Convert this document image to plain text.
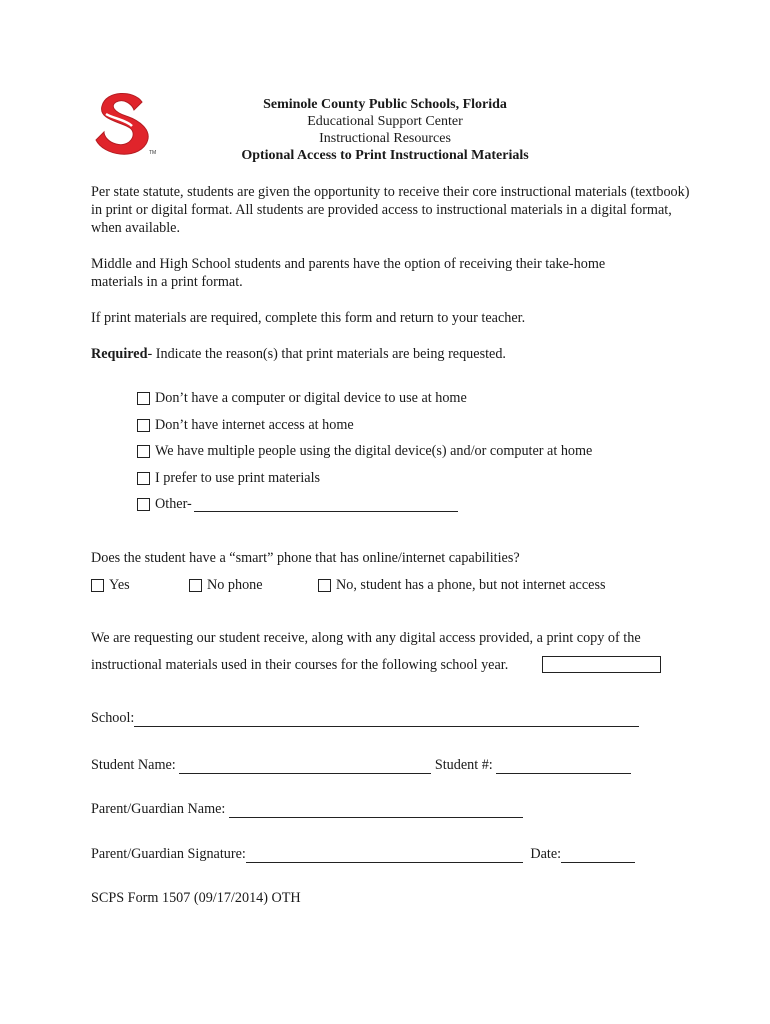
TM
Seminole County Public Schools, Florida
Educational Support Center
Instructional Resources
Optional Access to Print Instructional Materials

Per state statute, students are given the opportunity to receive their core instructional materials (textbook) in print or digital format. All students are provided access to instructional materials in a digital format, when available.

Middle and High School students and parents have the option of receiving their take-home materials in a print format.

If print materials are required, complete this form and return to your teacher.

Required- Indicate the reason(s) that print materials are being requested.

Don’t have a computer or digital device to use at home
Don’t have internet access at home
We have multiple people using the digital device(s) and/or computer at home
I prefer to use print materials
Other-

Does the student have a “smart” phone that has online/internet capabilities?

Yes	No phone	No, student has a phone, but not internet access
We are requesting our student receive, along with any digital access provided, a print copy of the
instructional materials used in their courses for the following school year.
School:
Student Name:	Student #:
Parent/Guardian Name:
Parent/Guardian Signature:	Date:
SCPS Form 1507 (09/17/2014) OTH
